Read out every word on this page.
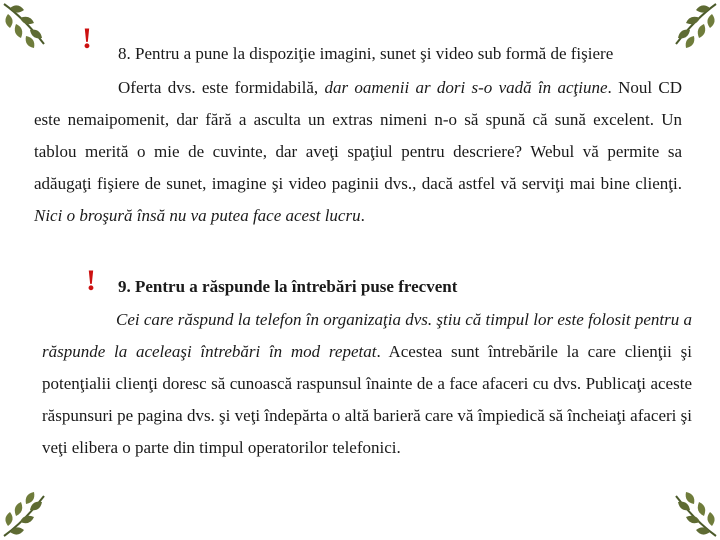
! 8. Pentru a pune la dispoziţie imagini, sunet şi video sub formă de fişiere
Oferta dvs. este formidabilă, dar oamenii ar dori s-o vadă în acţiune. Noul CD este nemaipomenit, dar fără a asculta un extras nimeni n-o să spună că sună excelent. Un tablou merită o mie de cuvinte, dar aveţi spaţiul pentru descriere? Webul vă permite sa adăugaţi fişiere de sunet, imagine şi video paginii dvs., dacă astfel vă serviţi mai bine clienţi. Nici o broşură însă nu va putea face acest lucru.
! 9. Pentru a răspunde la întrebări puse frecvent
Cei care răspund la telefon în organizaţia dvs. ştiu că timpul lor este folosit pentru a răspunde la aceleaşi întrebări în mod repetat. Acestea sunt întrebările la care clienţii şi potenţialii clienţi doresc să cunoască raspunsul înainte de a face afaceri cu dvs. Publicaţi aceste răspunsuri pe pagina dvs. şi veţi îndepărta o altă barieră care vă împiedică să încheiaţi afaceri şi veţi elibera o parte din timpul operatorilor telefonici.
